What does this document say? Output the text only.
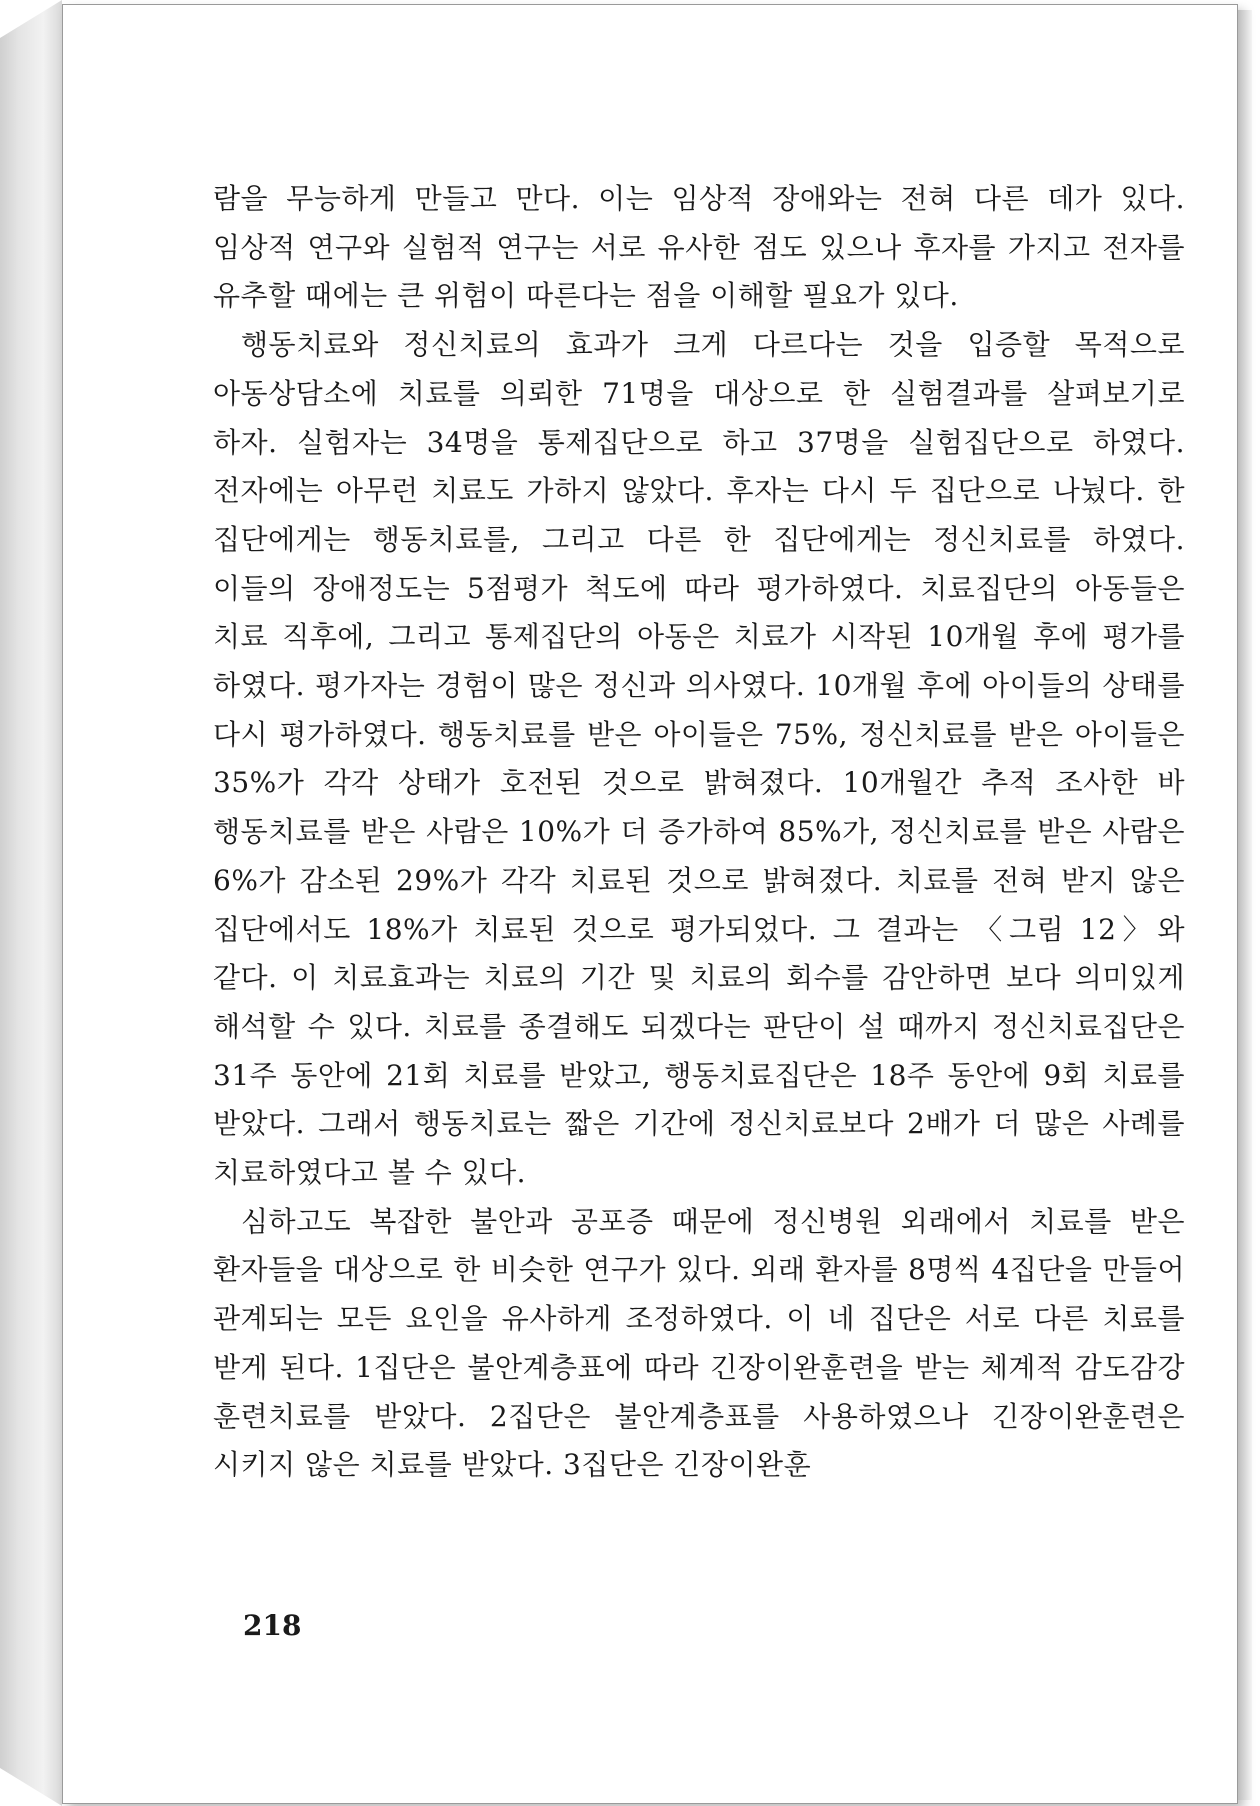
람을 무능하게 만들고 만다. 이는 임상적 장애와는 전혀 다른 데가 있다. 임상적 연구와 실험적 연구는 서로 유사한 점도 있으나 후자를 가지고 전자를 유추할 때에는 큰 위험이 따른다는 점을 이해할 필요가 있다.

행동치료와 정신치료의 효과가 크게 다르다는 것을 입증할 목적으로 아동상담소에 치료를 의뢰한 71명을 대상으로 한 실험결과를 살펴보기로 하자. 실험자는 34명을 통제집단으로 하고 37명을 실험집단으로 하였다. 전자에는 아무런 치료도 가하지 않았다. 후자는 다시 두 집단으로 나눴다. 한 집단에게는 행동치료를, 그리고 다른 한 집단에게는 정신치료를 하였다. 이들의 장애정도는 5점평가 척도에 따라 평가하였다. 치료집단의 아동들은 치료 직후에, 그리고 통제집단의 아동은 치료가 시작된 10개월 후에 평가를 하였다. 평가자는 경험이 많은 정신과 의사였다. 10개월 후에 아이들의 상태를 다시 평가하였다. 행동치료를 받은 아이들은 75%, 정신치료를 받은 아이들은 35%가 각각 상태가 호전된 것으로 밝혀졌다. 10개월간 추적 조사한 바 행동치료를 받은 사람은 10%가 더 증가하여 85%가, 정신치료를 받은 사람은 6%가 감소된 29%가 각각 치료된 것으로 밝혀졌다. 치료를 전혀 받지 않은 집단에서도 18%가 치료된 것으로 평가되었다. 그 결과는 〈그림 12〉와 같다. 이 치료효과는 치료의 기간 및 치료의 회수를 감안하면 보다 의미있게 해석할 수 있다. 치료를 종결해도 되겠다는 판단이 설 때까지 정신치료집단은 31주 동안에 21회 치료를 받았고, 행동치료집단은 18주 동안에 9회 치료를 받았다. 그래서 행동치료는 짧은 기간에 정신치료보다 2배가 더 많은 사례를 치료하였다고 볼 수 있다.

심하고도 복잡한 불안과 공포증 때문에 정신병원 외래에서 치료를 받은 환자들을 대상으로 한 비슷한 연구가 있다. 외래 환자를 8명씩 4집단을 만들어 관계되는 모든 요인을 유사하게 조정하였다. 이 네 집단은 서로 다른 치료를 받게 된다. 1집단은 불안계층표에 따라 긴장이완훈련을 받는 체계적 감도감강 훈련치료를 받았다. 2집단은 불안계층표를 사용하였으나 긴장이완훈련은 시키지 않은 치료를 받았다. 3집단은 긴장이완훈

218
